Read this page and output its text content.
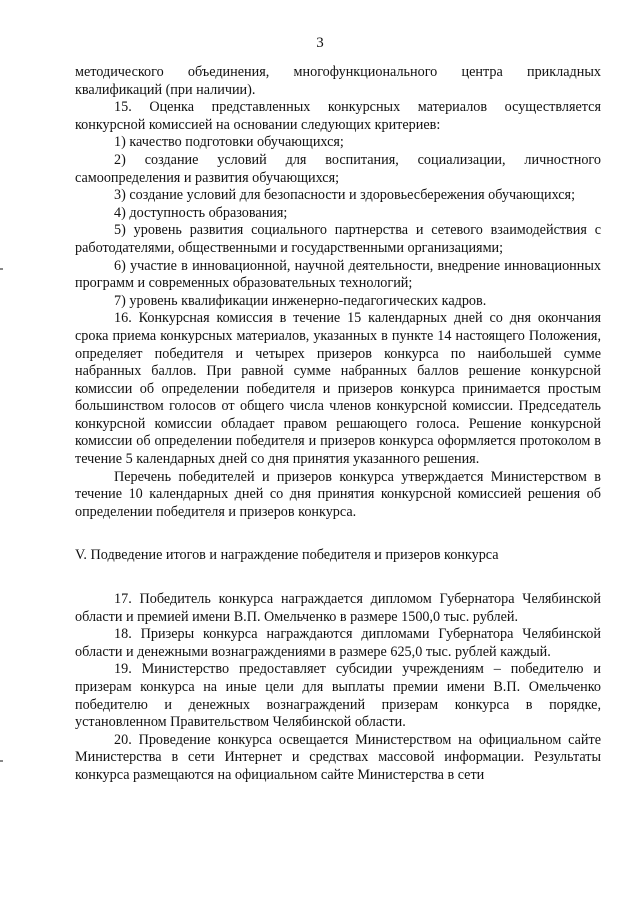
3

методического объединения, многофункционального центра прикладных квалификаций (при наличии).

15. Оценка представленных конкурсных материалов осуществляется конкурсной комиссией на основании следующих критериев:

1) качество подготовки обучающихся;

2) создание условий для воспитания, социализации, личностного самоопределения и развития обучающихся;

3) создание условий для безопасности и здоровьесбережения обучающихся;

4) доступность образования;

5) уровень развития социального партнерства и сетевого взаимодействия с работодателями, общественными и государственными организациями;

6) участие в инновационной, научной деятельности, внедрение инновационных программ и современных образовательных технологий;

7) уровень квалификации инженерно-педагогических кадров.

16. Конкурсная комиссия в течение 15 календарных дней со дня окончания срока приема конкурсных материалов, указанных в пункте 14 настоящего Положения, определяет победителя и четырех призеров конкурса по наибольшей сумме набранных баллов. При равной сумме набранных баллов решение конкурсной комиссии об определении победителя и призеров конкурса принимается простым большинством голосов от общего числа членов конкурсной комиссии. Председатель конкурсной комиссии обладает правом решающего голоса. Решение конкурсной комиссии об определении победителя и призеров конкурса оформляется протоколом в течение 5 календарных дней со дня принятия указанного решения.

Перечень победителей и призеров конкурса утверждается Министерством в течение 10 календарных дней со дня принятия конкурсной комиссией решения об определении победителя и призеров конкурса.

V. Подведение итогов и награждение победителя и призеров конкурса

17. Победитель конкурса награждается дипломом Губернатора Челябинской области и премией имени В.П. Омельченко в размере 1500,0 тыс. рублей.

18. Призеры конкурса награждаются дипломами Губернатора Челябинской области и денежными вознаграждениями в размере 625,0 тыс. рублей каждый.

19. Министерство предоставляет субсидии учреждениям – победителю и призерам конкурса на иные цели для выплаты премии имени В.П. Омельченко победителю и денежных вознаграждений призерам конкурса в порядке, установленном Правительством Челябинской области.

20. Проведение конкурса освещается Министерством на официальном сайте Министерства в сети Интернет и средствах массовой информации. Результаты конкурса размещаются на официальном сайте Министерства в сети
